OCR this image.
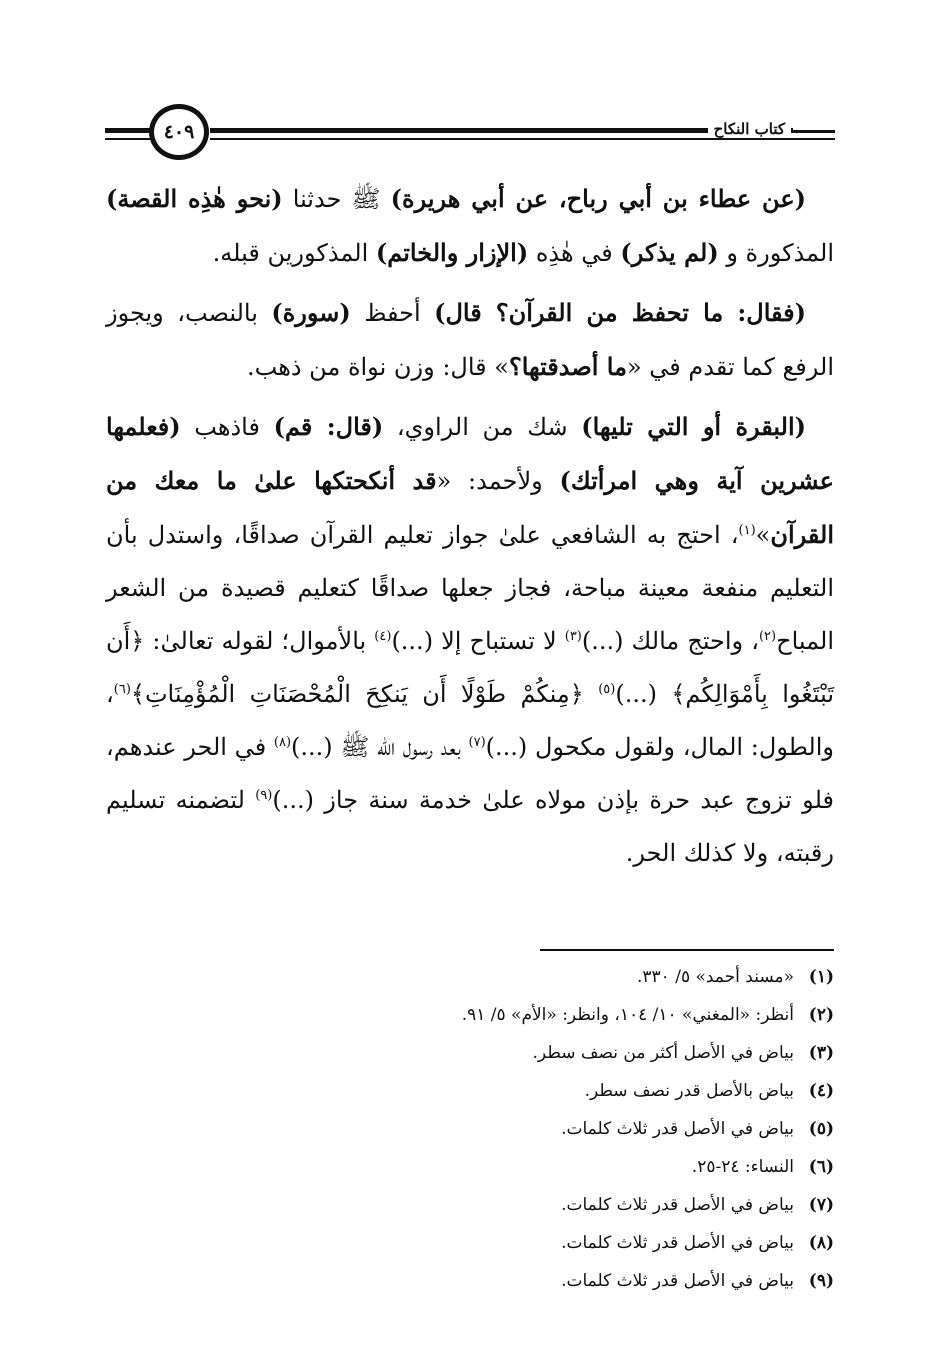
٤٠٩	كتاب النكاح

(عن عطاء بن أبي رباح، عن أبي هريرة) ﷺ حدثنا (نحو هٰذِه القصة) المذكورة و (لم يذكر) في هٰذِه (الإزار والخاتم) المذكورين قبله.

(فقال: ما تحفظ من القرآن؟ قال) أحفظ (سورة) بالنصب، ويجوز الرفع كما تقدم في «ما أصدقتها؟» قال: وزن نواة من ذهب.

(البقرة أو التي تليها) شك من الراوي، (قال: قم) فاذهب (فعلمها عشرين آية وهي امرأتك) ولأحمد: «قد أنكحتكها علىٰ ما معك من القرآن»$^{(١)}$، احتج به الشافعي علىٰ جواز تعليم القرآن صداقًا، واستدل بأن التعليم منفعة معينة مباحة، فجاز جعلها صداقًا كتعليم قصيدة من الشعر المباح$^{(٢)}$، واحتج مالك (...)$^{(٣)}$ لا تستباح إلا (...)$^{(٤)}$ بالأموال؛ لقوله تعالىٰ: ﴿أَن تَبْتَغُوا بِأَمْوَالِكُم﴾ (...)$^{(٥)}$ ﴿مِنكُمْ طَوْلًا أَن يَنكِحَ الْمُحْصَنَاتِ الْمُؤْمِنَاتِ﴾$^{(٦)}$، والطول: المال، ولقول مكحول (...)$^{(٧)}$ بعد رسول الله ﷺ (...)$^{(٨)}$ في الحر عندهم، فلو تزوج عبد حرة بإذن مولاه علىٰ خدمة سنة جاز (...)$^{(٩)}$ لتضمنه تسليم رقبته، ولا كذلك الحر.

(١)
«مسند أحمد» ٥/ ٣٣٠.
(٢)
أنظر: «المغني» ١٠/ ١٠٤، وانظر: «الأم» ٥/ ٩١.
(٣)
بياض في الأصل أكثر من نصف سطر.
(٤)
بياض بالأصل قدر نصف سطر.
(٥)
بياض في الأصل قدر ثلاث كلمات.
(٦)
النساء: ٢٤-٢٥.
(٧)
بياض في الأصل قدر ثلاث كلمات.
(٨)
بياض في الأصل قدر ثلاث كلمات.
(٩)
بياض في الأصل قدر ثلاث كلمات.
